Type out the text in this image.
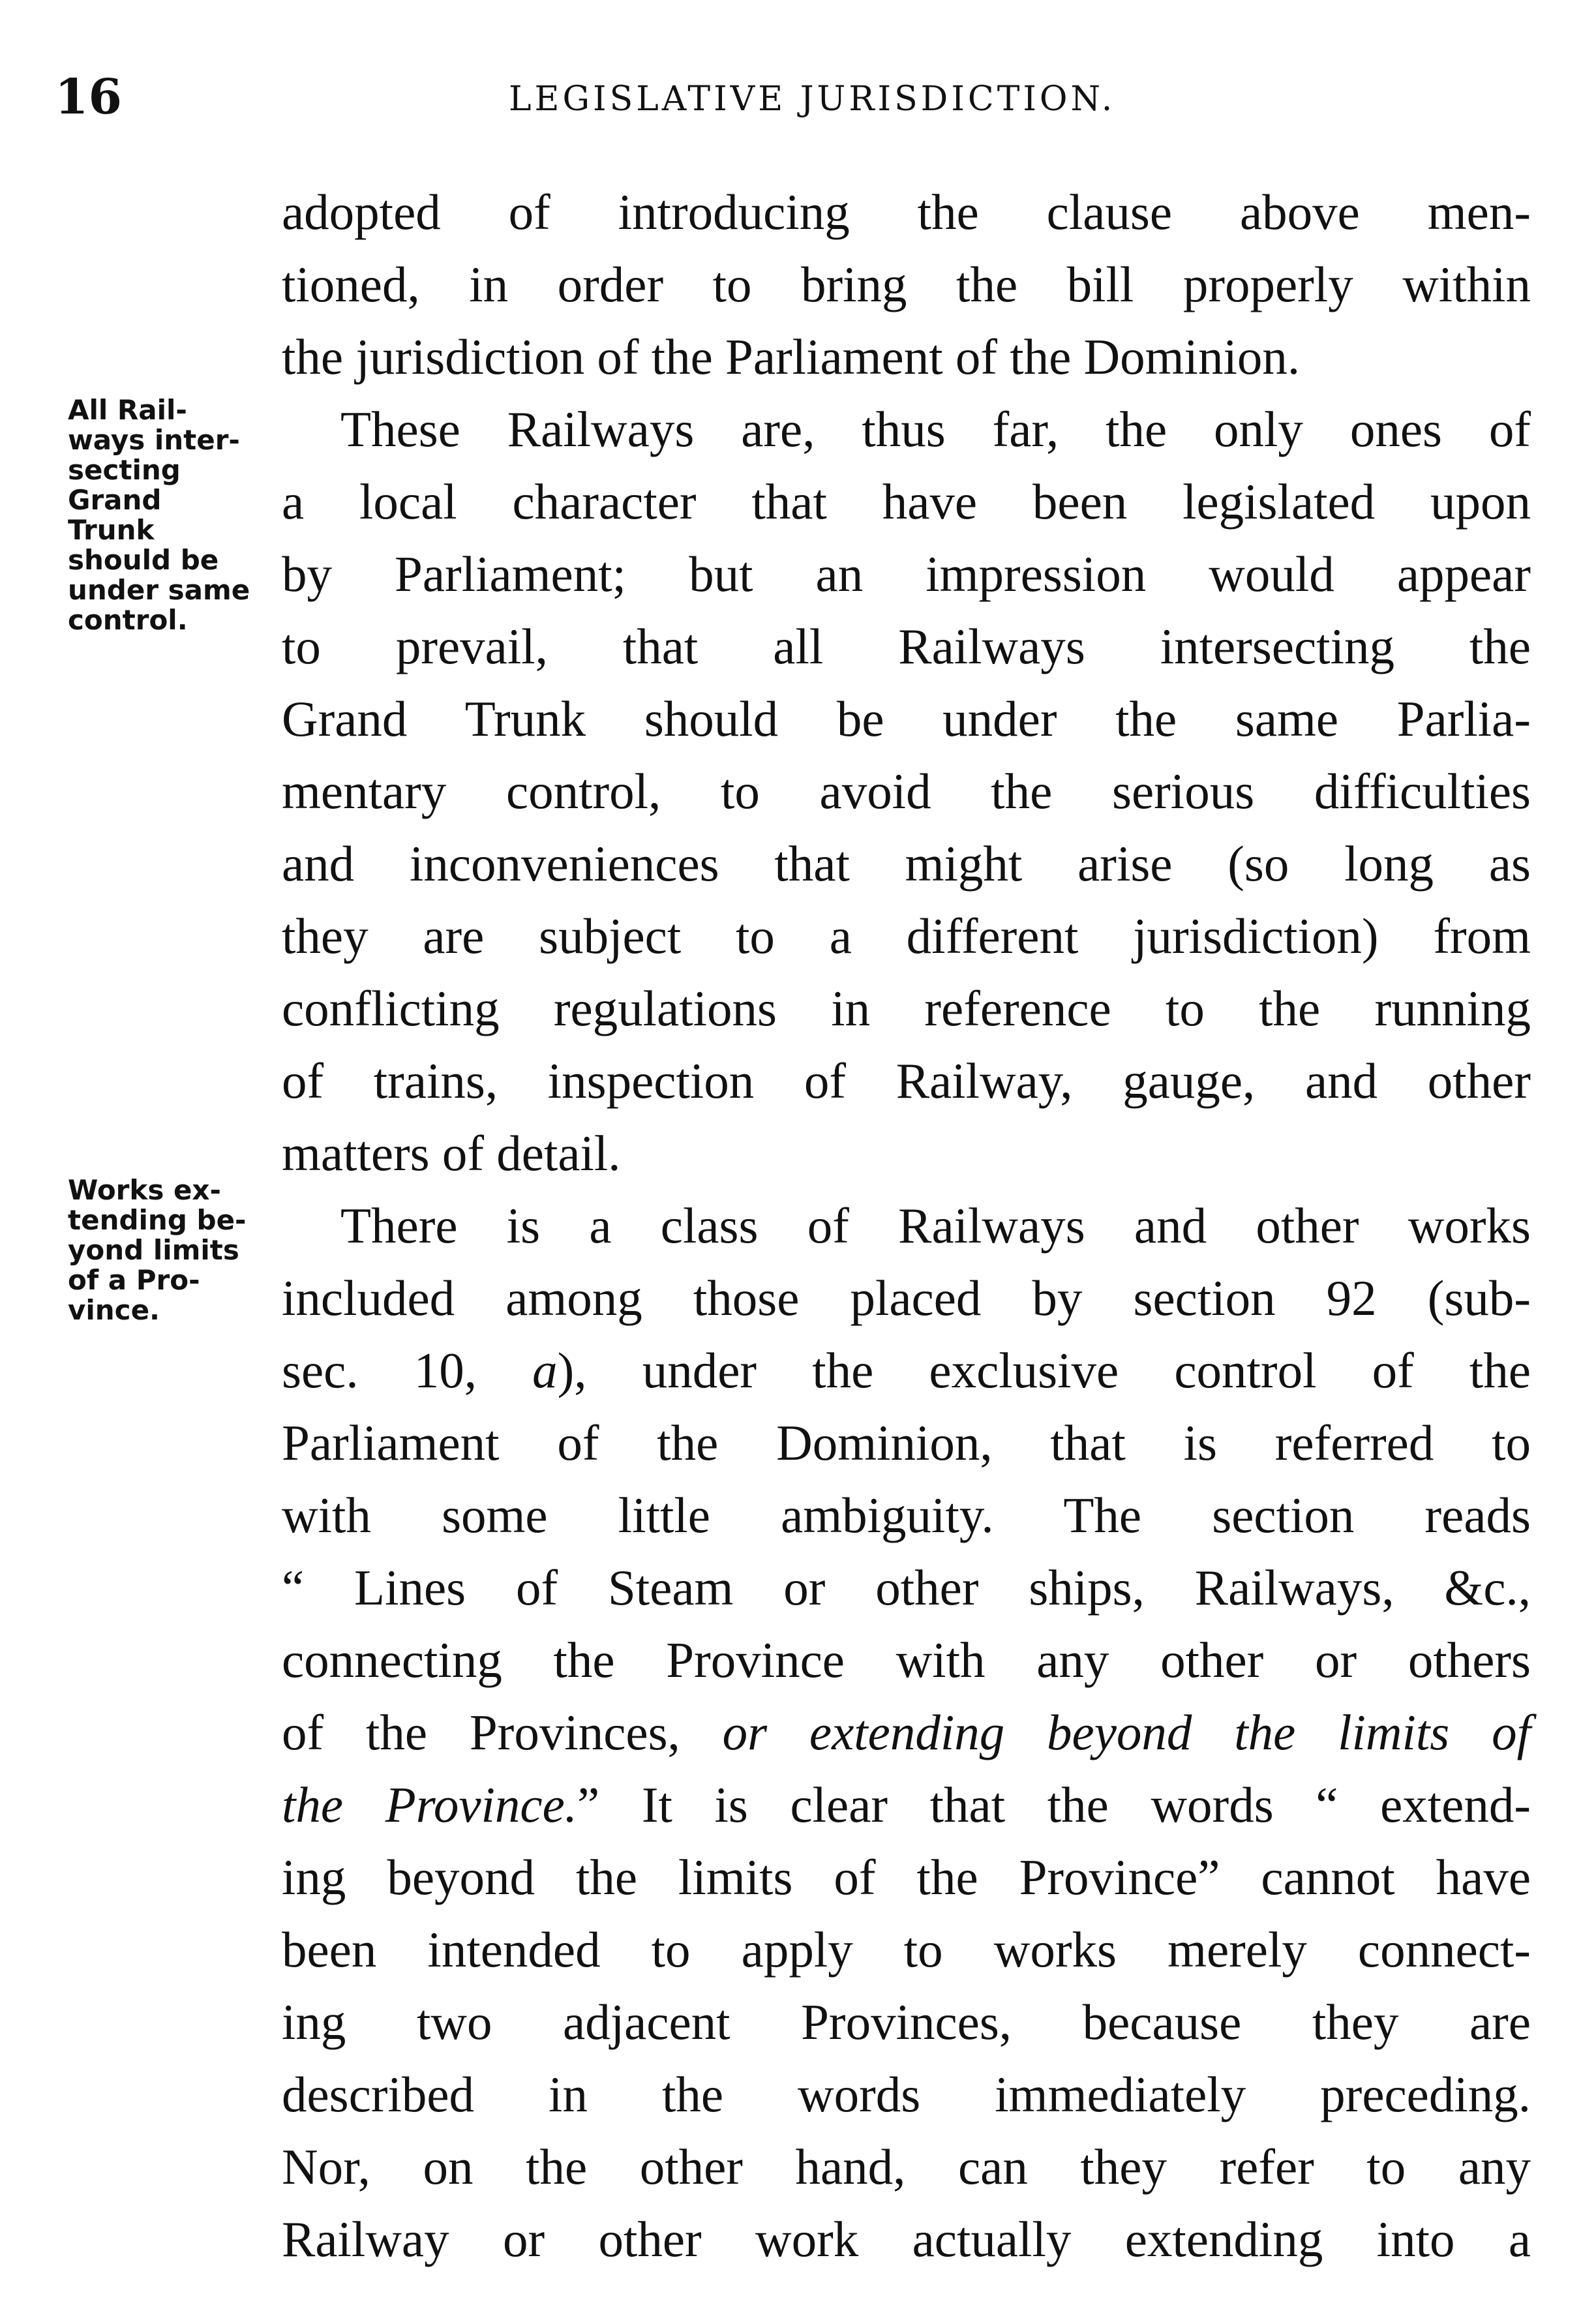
16	LEGISLATIVE JURISDICTION.
All Rail-
ways inter-
secting
Grand
Trunk
should be
under same
control.
Works ex-
tending be-
yond limits
of a Pro-
vince.
adopted of introducing the clause above men-
tioned, in order to bring the bill properly within
the jurisdiction of the Parliament of the Dominion.
These Railways are, thus far, the only ones of
a local character that have been legislated upon
by Parliament; but an impression would appear
to prevail, that all Railways intersecting the
Grand Trunk should be under the same Parlia-
mentary control, to avoid the serious difficulties
and inconveniences that might arise (so long as
they are subject to a different jurisdiction) from
conflicting regulations in reference to the running
of trains, inspection of Railway, gauge, and other
matters of detail.
There is a class of Railways and other works
included among those placed by section 92 (sub-
sec. 10, a), under the exclusive control of the
Parliament of the Dominion, that is referred to
with some little ambiguity. The section reads
“ Lines of Steam or other ships, Railways, &c.,
connecting the Province with any other or others
of the Provinces, or extending beyond the limits of
the Province.” It is clear that the words “ extend-
ing beyond the limits of the Province” cannot have
been intended to apply to works merely connect-
ing two adjacent Provinces, because they are
described in the words immediately preceding.
Nor, on the other hand, can they refer to any
Railway or other work actually extending into a
